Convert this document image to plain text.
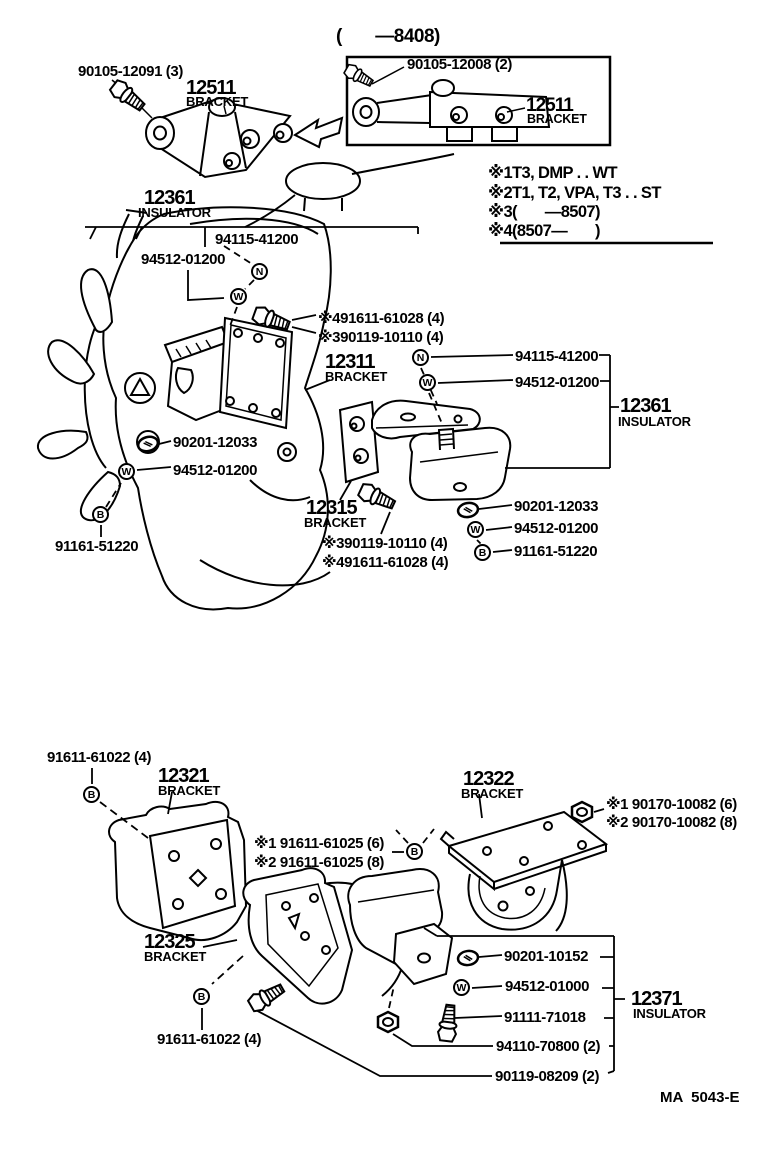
90105-12091 (3)
12511
BRACKET
(       —8408)
90105-12008 (2)
12511
BRACKET
※1T3, DMP . . WT
※2T1, T2, VPA, T3 . . ST
※3(       —8507)
※4(8507—       )
12361
INSULATOR
94115-41200
94512-01200
※491611-61028 (4)
※390119-10110 (4)
12311
BRACKET
94115-41200
94512-01200
12361
INSULATOR
90201-12033
94512-01200
91161-51220
12315
BRACKET
※390119-10110 (4)
※491611-61028 (4)
90201-12033
94512-01200
91161-51220
91611-61022 (4)
12321
BRACKET
12322
BRACKET
※1 90170-10082 (6)
※2 90170-10082 (8)
※1 91611-61025 (6)
※2 91611-61025 (8)
12325
BRACKET	90201-10152
94512-01000
91111-71018
94110-70800 (2)
90119-08209 (2)
12371
INSULATOR
91611-61022 (4)
MA  5043-E
N
W
N
W
W
B
W
B
B
B
B
W
